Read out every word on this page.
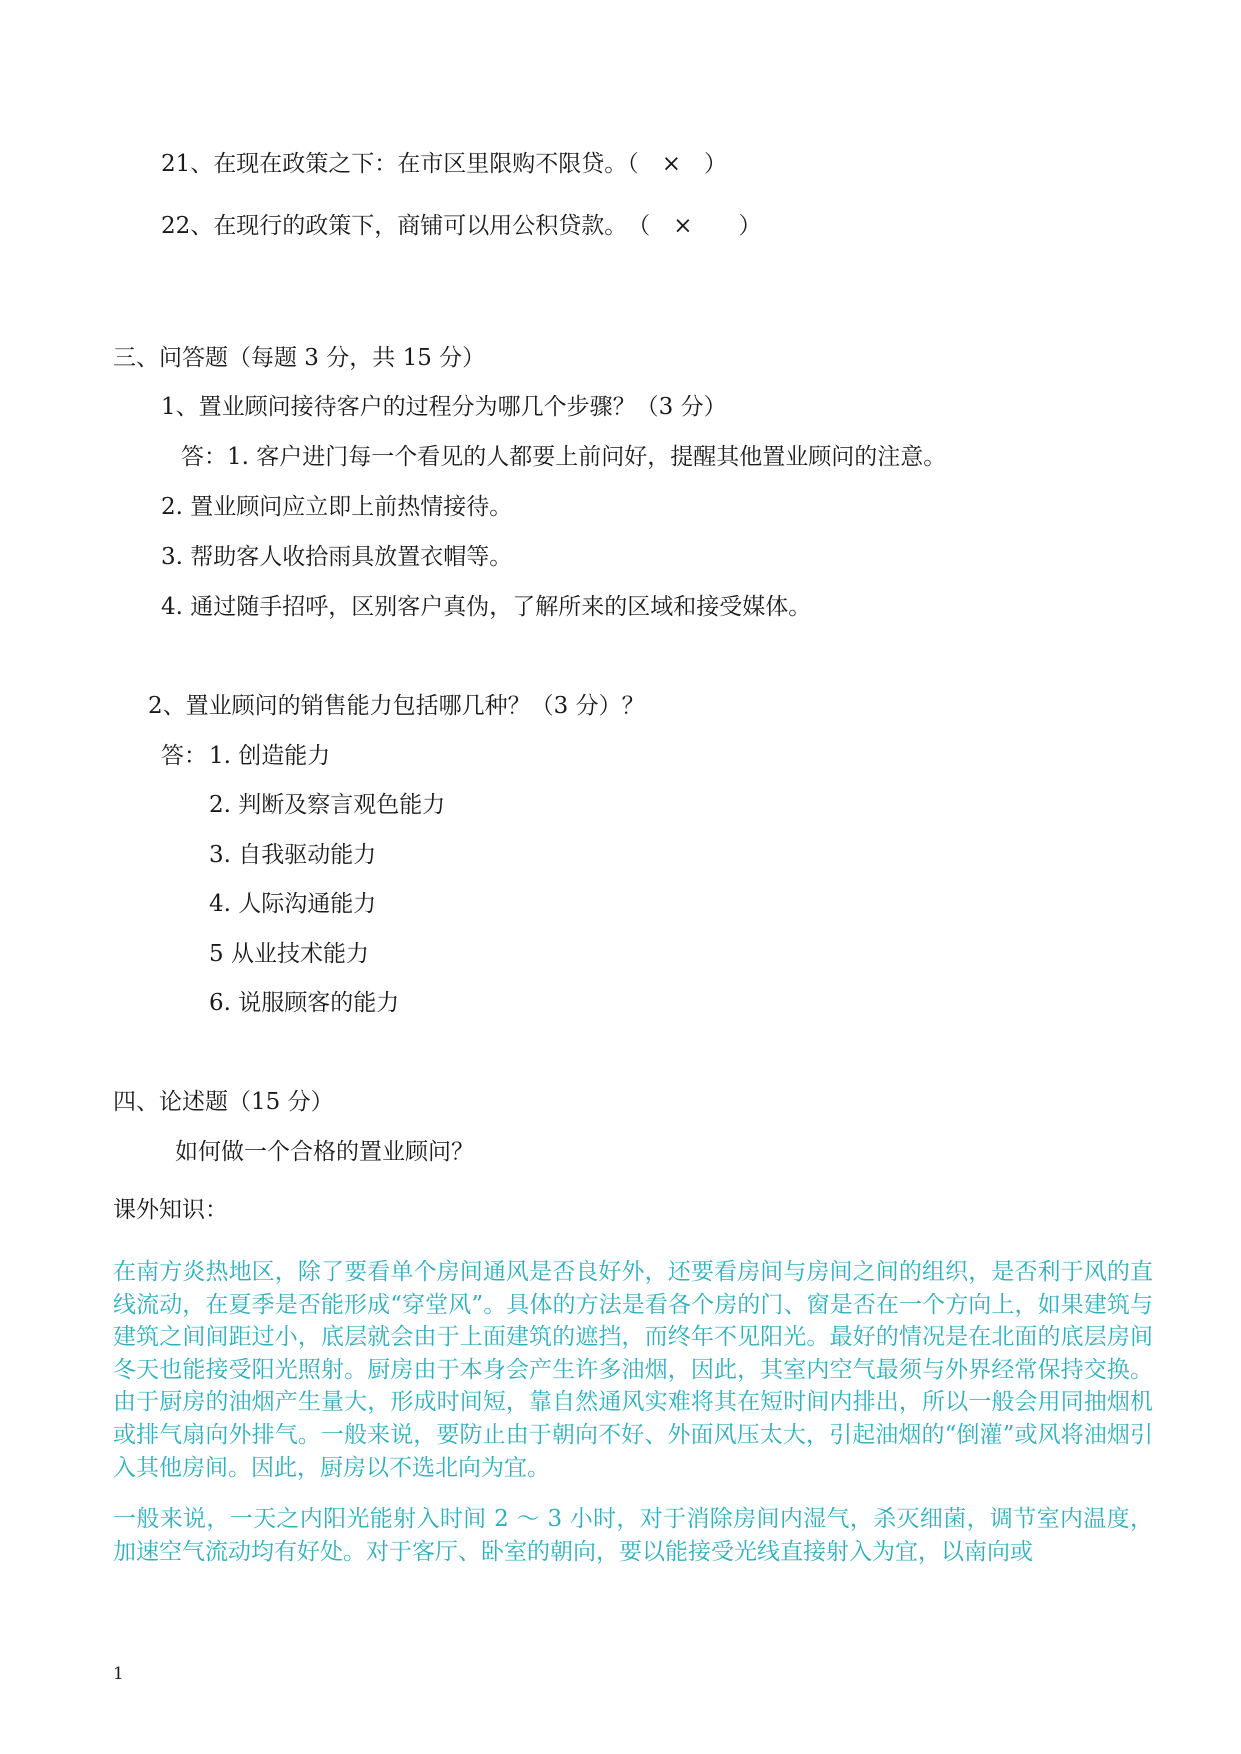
21、在现在政策之下：在市区里限购不限贷。（　×　）
22、在现行的政策下，商铺可以用公积贷款。　（　×　　）
三、问答题（每题 3 分，共 15 分）
1、置业顾问接待客户的过程分为哪几个步骤？（3 分）
答：1. 客户进门每一个看见的人都要上前问好，提醒其他置业顾问的注意。
2. 置业顾问应立即上前热情接待。
3. 帮助客人收拾雨具放置衣帽等。
4. 通过随手招呼，区别客户真伪，了解所来的区域和接受媒体。
2、置业顾问的销售能力包括哪几种？（3 分）？
答： 1. 创造能力
2. 判断及察言观色能力
3. 自我驱动能力
4. 人际沟通能力
5 从业技术能力
6. 说服顾客的能力
四、论述题（15 分）
如何做一个合格的置业顾问？
课外知识：
在南方炎热地区，除了要看单个房间通风是否良好外，还要看房间与房间之间的组织，是否利于风的直线流动，在夏季是否能形成“穿堂风”。具体的方法是看各个房的门、窗是否在一个方向上，如果建筑与建筑之间间距过小，底层就会由于上面建筑的遮挡，而终年不见阳光。最好的情况是在北面的底层房间冬天也能接受阳光照射。厨房由于本身会产生许多油烟，因此，其室内空气最须与外界经常保持交换。由于厨房的油烟产生量大，形成时间短，靠自然通风实难将其在短时间内排出，所以一般会用同抽烟机或排气扇向外排气。一般来说，要防止由于朝向不好、外面风压太大，引起油烟的“倒灌”或风将油烟引入其他房间。因此，厨房以不选北向为宜。
一般来说，一天之内阳光能射入时间 2 ～ 3 小时，对于消除房间内湿气，杀灭细菌，调节室内温度，加速空气流动均有好处。对于客厅、卧室的朝向，要以能接受光线直接射入为宜，以南向或
1
